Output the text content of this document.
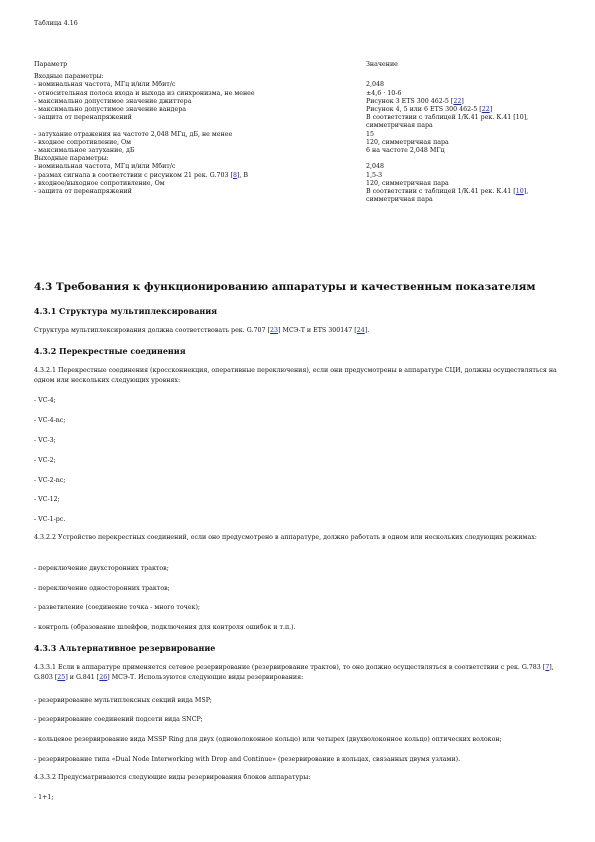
Таблица 4.16
Параметр	Значение

Входные параметры:	
- номинальная частота, МГц и/или Мбит/с	2,048
- относительная полоса входа и выхода из синхронизма, не менее	±4,6 · 10-6
- максимально допустимое значение джиттера	Рисунок 3 ETS 300 462-5 [22]
- максимально допустимое значение вандера	Рисунок 4, 5 или 6 ETS 300 462-5 [22]
- защита от перенапряжений	В соответствии с таблицей 1/К.41 рек. К.41 [10], симметричная пара
- затухание отражения на частоте 2,048 МГц, дБ, не менее	15
- входное сопротивление, Ом	120, симметричная пара
- максимальное затухание, дБ	6 на частоте 2,048 МГц
Выходные параметры:	
- номинальная частота, МГц и/или Мбит/с	2,048
- размах сигнала в соответствии с рисунком 21 рек. G.703 [8], В	1,5-3
- входное/выходное сопротивление, Ом	120, симметричная пара
- защита от перенапряжений	В соответствии с таблицей 1/К.41 рек. К.41 [10], симметричная пара
4.3 Требования к функционированию аппаратуры и качественным показателям
4.3.1 Структура мультиплексирования
Структура мультиплексирования должна соответствовать рек. G.707 [23] МСЭ-Т и ETS 300147 [24].
4.3.2 Перекрестные соединения
4.3.2.1 Перекрестные соединения (кроссконнекция, оперативные переключения), если они предусмотрены в аппаратуре СЦИ, должны осуществляться на одном или нескольких следующих уровнях:
- VC-4;
- VC-4-nc;
- VC-3;
- VC-2;
- VC-2-nc;
- VC-12;
- VC-1-pc.
4.3.2.2 Устройство перекрестных соединений, если оно предусмотрено в аппаратуре, должно работать в одном или нескольких следующих режимах:
- переключение двухсторонних трактов;
- переключение односторонних трактов;
- разветвление (соединение точка - много точек);
- контроль (образование шлейфов, подключения для контроля ошибок и т.п.).
4.3.3 Альтернативное резервирование
4.3.3.1 Если в аппаратуре применяется сетевое резервирование (резервирование трактов), то оно должно осуществляться в соответствии с рек. G.783 [7], G.803 [25] и G.841 [26] МСЭ-Т. Используются следующие виды резервирования:
- резервирование мультиплексных секций вида MSP;
- резервирование соединений подсети вида SNCP;
- кольцевое резервирование вида MSSP Ring для двух (одноволоконное кольцо) или четырех (двухволоконное кольцо) оптических волокон;
- резервирование типа «Dual Node Interworking with Drop and Continue» (резервирование в кольцах, связанных двумя узлами).
4.3.3.2 Предусматриваются следующие виды резервирования блоков аппаратуры:
- 1+1;
